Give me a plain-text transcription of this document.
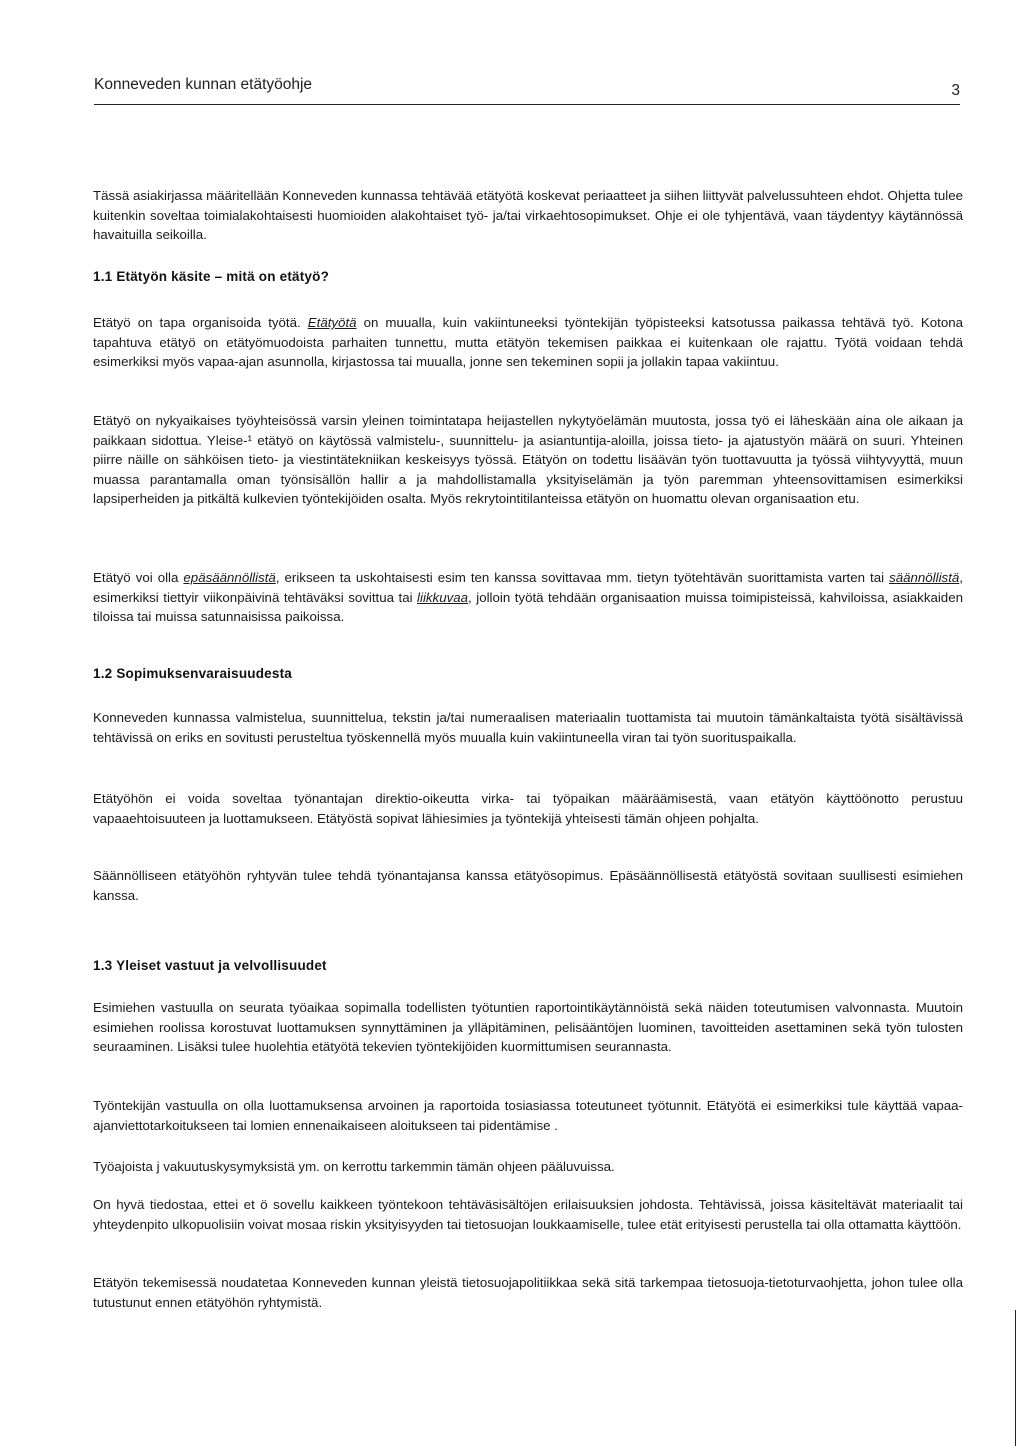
Konneveden kunnan etätyöohje	3

Tässä asiakirjassa määritellään Konneveden kunnassa tehtävää etätyötä koskevat periaatteet ja siihen liittyvät palvelussuhteen ehdot. Ohjetta tulee kuitenkin soveltaa toimialakohtaisesti huomioiden alakohtaiset työ- ja/tai virkaehtosopimukset. Ohje ei ole tyhjentävä, vaan täydentyy käytännössä havaituilla seikoilla.

1.1 Etätyön käsite – mitä on etätyö?

Etätyö on tapa organisoida työtä. Etätyötä on muualla, kuin vakiintuneeksi työntekijän työpisteeksi katsotussa paikassa tehtävä työ. Kotona tapahtuva etätyö on etätyömuodoista parhaiten tunnettu, mutta etätyön tekemisen paikkaa ei kuitenkaan ole rajattu. Työtä voidaan tehdä esimerkiksi myös vapaa-ajan asunnolla, kirjastossa tai muualla, jonne sen tekeminen sopii ja jollakin tapaa vakiintuu.

Etätyö on nykyaikaises työyhteisössä varsin yleinen toimintatapa heijastellen nykytyöelämän muutosta, jossa työ ei läheskään aina ole aikaan ja paikkaan sidottua. Yleise-¹ etätyö on käytössä valmistelu-, suunnittelu- ja asiantuntija-aloilla, joissa tieto- ja ajatustyön määrä on suuri. Yhteinen piirre näille on sähköisen tieto- ja viestintätekniikan keskeisyys työssä. Etätyön on todettu lisäävän työn tuottavuutta ja työssä viihtyvyyttä, muun muassa parantamalla oman työnsisällön hallir a ja mahdollistamalla yksityiselämän ja työn paremman yhteensovittamisen esimerkiksi lapsiperheiden ja pitkältä kulkevien työntekijöiden osalta. Myös rekrytointitilanteissa etätyön on huomattu olevan organisaation etu.

Etätyö voi olla epäsäännöllistä, erikseen ta uskohtaisesti esim ten kanssa sovittavaa mm. tietyn työtehtävän suorittamista varten tai säännöllistä, esimerkiksi tiettyir viikonpäivinä tehtäväksi sovittua tai liikkuvaa, jolloin työtä tehdään organisaation muissa toimipisteissä, kahviloissa, asiakkaiden tiloissa tai muissa satunnaisissa paikoissa.

1.2 Sopimuksenvaraisuudesta

Konneveden kunnassa valmistelua, suunnittelua, tekstin ja/tai numeraalisen materiaalin tuottamista tai muutoin tämänkaltaista työtä sisältävissä tehtävissä on eriks en sovitusti perusteltua työskennellä myös muualla kuin vakiintuneella viran tai työn suorituspaikalla.

Etätyöhön ei voida soveltaa työnantajan direktio-oikeutta virka- tai työpaikan määräämisestä, vaan etätyön käyttöönotto perustuu vapaaehtoisuuteen ja luottamukseen. Etätyöstä sopivat lähiesimies ja työntekijä yhteisesti tämän ohjeen pohjalta.

Säännölliseen etätyöhön ryhtyvän tulee tehdä työnantajansa kanssa etätyösopimus. Epäsäännöllisestä etätyöstä sovitaan suullisesti esimiehen kanssa.

1.3 Yleiset vastuut ja velvollisuudet

Esimiehen vastuulla on seurata työaikaa sopimalla todellisten työtuntien raportointikäytännöistä sekä näiden toteutumisen valvonnasta. Muutoin esimiehen roolissa korostuvat luottamuksen synnyttäminen ja ylläpitäminen, pelisääntöjen luominen, tavoitteiden asettaminen sekä työn tulosten seuraaminen. Lisäksi tulee huolehtia etätyötä tekevien työntekijöiden kuormittumisen seurannasta.

Työntekijän vastuulla on olla luottamuksensa arvoinen ja raportoida tosiasiassa toteutuneet työtunnit. Etätyötä ei esimerkiksi tule käyttää vapaa-ajanviettotarkoitukseen tai lomien ennenaikaiseen aloitukseen tai pidentämise .

Työajoista j vakuutuskysymyksistä ym. on kerrottu tarkemmin tämän ohjeen pääluvuissa.

On hyvä tiedostaa, ettei et ö sovellu kaikkeen työntekoon tehtäväsisältöjen erilaisuuksien johdosta. Tehtävissä, joissa käsiteltävät materiaalit tai yhteydenpito ulkopuolisiin voivat mosaa riskin yksityisyyden tai tietosuojan loukkaamiselle, tulee etät erityisesti perustella tai olla ottamatta käyttöön.

Etätyön tekemisessä noudatetaa Konneveden kunnan yleistä tietosuojapolitiikkaa sekä sitä tarkempaa tietosuoja-tietoturvaohjetta, johon tulee olla tutustunut ennen etätyöhön ryhtymistä.
